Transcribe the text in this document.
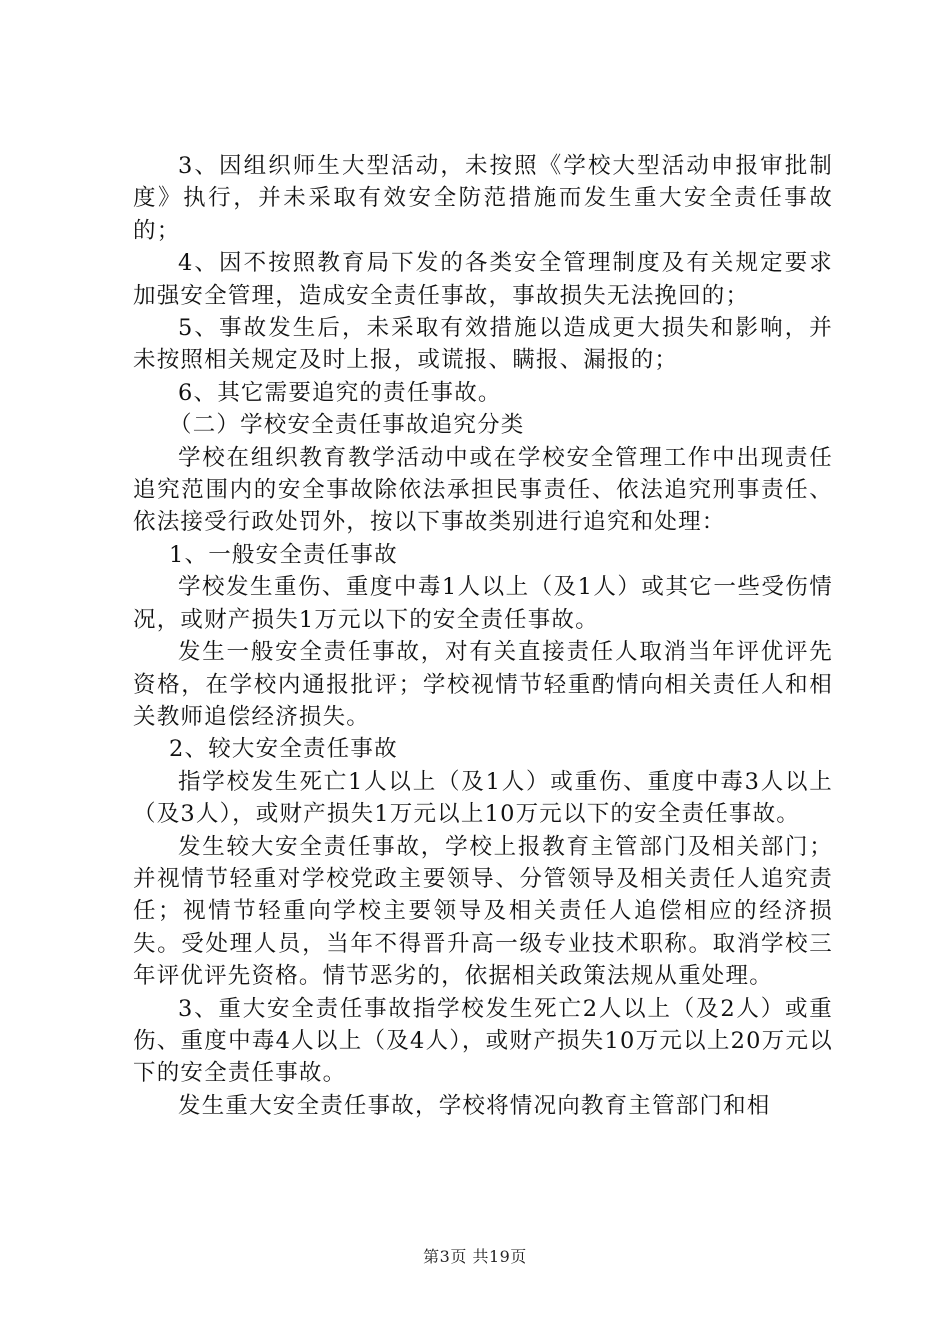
3、因组织师生大型活动，未按照《学校大型活动申报审批制度》执行，并未采取有效安全防范措施而发生重大安全责任事故的；

4、因不按照教育局下发的各类安全管理制度及有关规定要求加强安全管理，造成安全责任事故，事故损失无法挽回的；

5、事故发生后，未采取有效措施以造成更大损失和影响，并未按照相关规定及时上报，或谎报、瞒报、漏报的；

6、其它需要追究的责任事故。

（二）学校安全责任事故追究分类

学校在组织教育教学活动中或在学校安全管理工作中出现责任追究范围内的安全事故除依法承担民事责任、依法追究刑事责任、依法接受行政处罚外，按以下事故类别进行追究和处理：

1、一般安全责任事故

学校发生重伤、重度中毒1人以上（及1人）或其它一些受伤情况，或财产损失1万元以下的安全责任事故。

发生一般安全责任事故，对有关直接责任人取消当年评优评先资格，在学校内通报批评；学校视情节轻重酌情向相关责任人和相关教师追偿经济损失。

2、较大安全责任事故

指学校发生死亡1人以上（及1人）或重伤、重度中毒3人以上（及3人），或财产损失1万元以上10万元以下的安全责任事故。

发生较大安全责任事故，学校上报教育主管部门及相关部门；并视情节轻重对学校党政主要领导、分管领导及相关责任人追究责任；视情节轻重向学校主要领导及相关责任人追偿相应的经济损失。受处理人员，当年不得晋升高一级专业技术职称。取消学校三年评优评先资格。情节恶劣的，依据相关政策法规从重处理。

3、重大安全责任事故指学校发生死亡2人以上（及2人）或重伤、重度中毒4人以上（及4人），或财产损失10万元以上20万元以下的安全责任事故。

发生重大安全责任事故，学校将情况向教育主管部门和相

第3页 共19页
